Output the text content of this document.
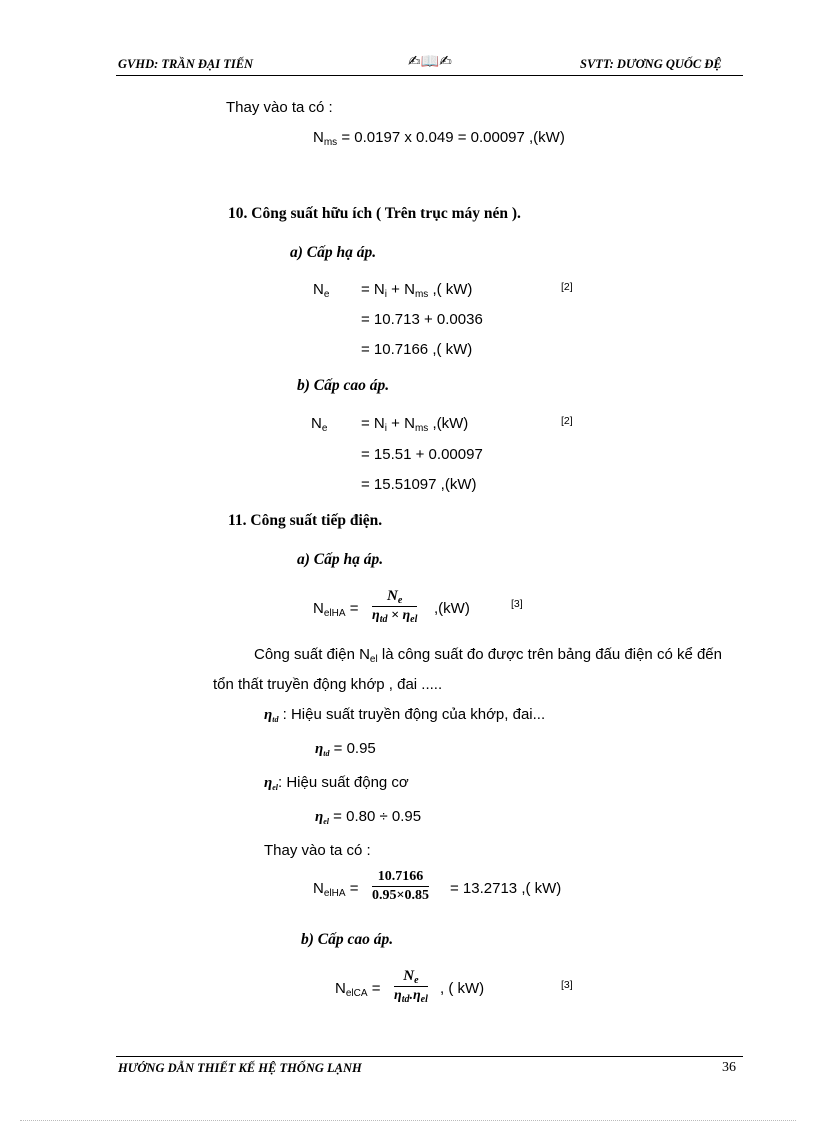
GVHD: TRẦN ĐẠI TIẾN	✍📖✍	SVTT: DƯƠNG QUỐC ĐỆ
Thay vào ta có :
$N_{ms} = 0.0197$ x 0.049 = 0.00097 ,(kW)
10. Công suất hữu ích ( Trên trục máy nén ).
a) Cấp hạ áp.
$N_e = N_i + N_{ms}$ ,( kW)	[2]
= 10.713 + 0.0036
= 10.7166 ,( kW)
b) Cấp cao áp.
$N_e = N_i + N_{ms}$ ,(kW)	[2]
= 15.51 + 0.00097
= 15.51097 ,(kW)
11. Công suất tiếp điện.
a) Cấp hạ áp.
$N_{elHA}$ =
$N_e$
$\eta_{td} \times \eta_{el}$
,(kW)	[3]
Công suất điện $N_{el}$ là công suất đo được trên bảng đấu điện có kể đến
tổn thất truyền động khớp , đai .....
$\eta_{td}$ : Hiệu suất truyền động của khớp, đai...
$\eta_{td} = 0.95$
$\eta_{el}$: Hiệu suất động cơ
$\eta_{el} = 0.80 \div 0.95$
Thay vào ta có :
$N_{elHA}$ =
10.7166
0.95×0.85 = 13.2713 ,( kW)
b) Cấp cao áp.
$N_{elCA}$ =
$N_e$
$\eta_{td}.\eta_{el}$
, ( kW)	[3]
HƯỚNG DẪN THIẾT KẾ HỆ THỐNG LẠNH	36
